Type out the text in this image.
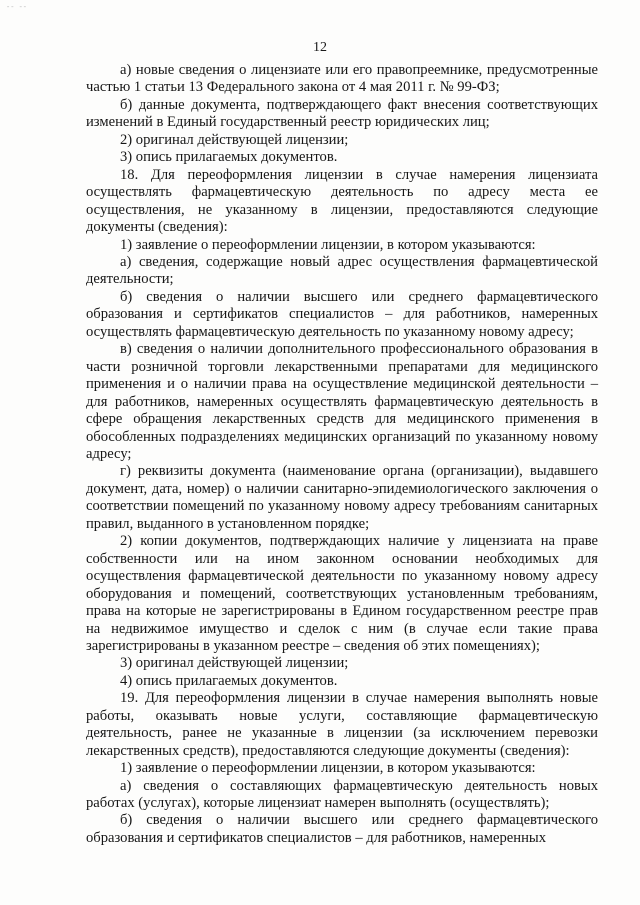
-- --
12

а) новые сведения о лицензиате или его правопреемнике, предусмотренные частью 1 статьи 13 Федерального закона от 4 мая 2011 г. № 99-ФЗ;

б) данные документа, подтверждающего факт внесения соответствующих изменений в Единый государственный реестр юридических лиц;

2) оригинал действующей лицензии;

3) опись прилагаемых документов.

18. Для переоформления лицензии в случае намерения лицензиата осуществлять фармацевтическую деятельность по адресу места ее осуществления, не указанному в лицензии, предоставляются следующие документы (сведения):

1) заявление о переоформлении лицензии, в котором указываются:

а) сведения, содержащие новый адрес осуществления фармацевтической деятельности;

б) сведения о наличии высшего или среднего фармацевтического образования и сертификатов специалистов – для работников, намеренных осуществлять фармацевтическую деятельность по указанному новому адресу;

в) сведения о наличии дополнительного профессионального образования в части розничной торговли лекарственными препаратами для медицинского применения и о наличии права на осуществление медицинской деятельности – для работников, намеренных осуществлять фармацевтическую деятельность в сфере обращения лекарственных средств для медицинского применения в обособленных подразделениях медицинских организаций по указанному новому адресу;

г) реквизиты документа (наименование органа (организации), выдавшего документ, дата, номер) о наличии санитарно-эпидемиологического заключения о соответствии помещений по указанному новому адресу требованиям санитарных правил, выданного в установленном порядке;

2) копии документов, подтверждающих наличие у лицензиата на праве собственности или на ином законном основании необходимых для осуществления фармацевтической деятельности по указанному новому адресу оборудования и помещений, соответствующих установленным требованиям, права на которые не зарегистрированы в Едином государственном реестре прав на недвижимое имущество и сделок с ним (в случае если такие права зарегистрированы в указанном реестре – сведения об этих помещениях);

3) оригинал действующей лицензии;

4) опись прилагаемых документов.

19. Для переоформления лицензии в случае намерения выполнять новые работы, оказывать новые услуги, составляющие фармацевтическую деятельность, ранее не указанные в лицензии (за исключением перевозки лекарственных средств), предоставляются следующие документы (сведения):

1) заявление о переоформлении лицензии, в котором указываются:

а) сведения о составляющих фармацевтическую деятельность новых работах (услугах), которые лицензиат намерен выполнять (осуществлять);

б) сведения о наличии высшего или среднего фармацевтического образования и сертификатов специалистов – для работников, намеренных
